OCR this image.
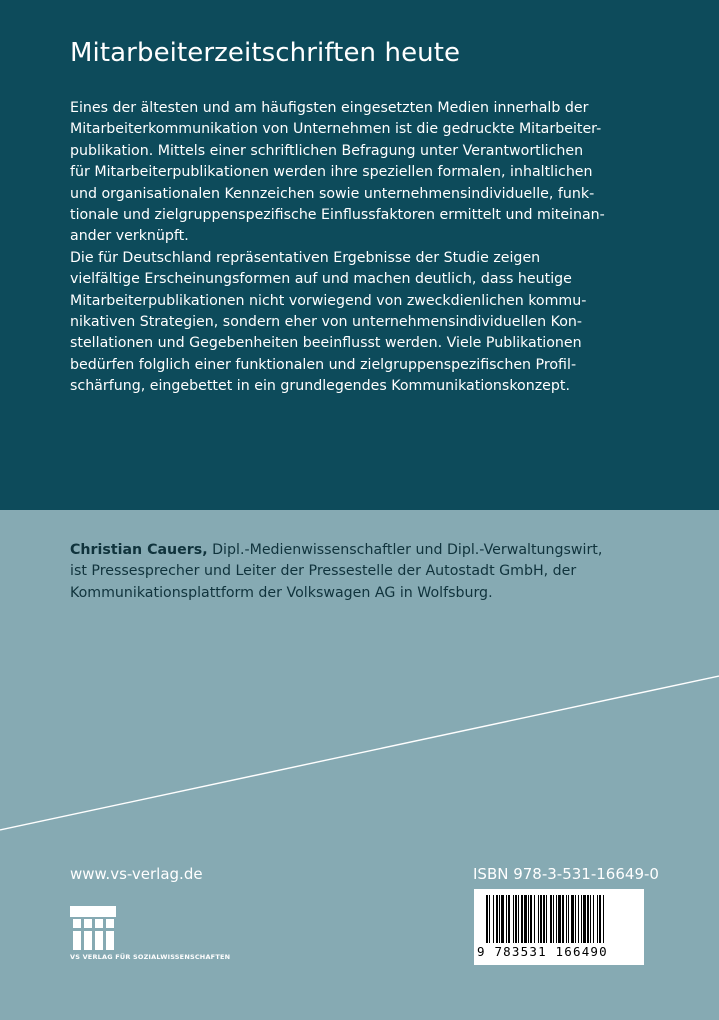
Mitarbeiterzeitschriften heute

Eines der ältesten und am häufigsten eingesetzten Medien innerhalb der

Mitarbeiterkommunikation von Unternehmen ist die gedruckte Mitarbeiter-

publikation. Mittels einer schriftlichen Befragung unter Verantwortlichen

für Mitarbeiterpublikationen werden ihre speziellen formalen, inhaltlichen

und organisationalen Kennzeichen sowie unternehmensindividuelle, funk-

tionale und zielgruppenspezifische Einflussfaktoren ermittelt und miteinan-

ander verknüpft.

Die für Deutschland repräsentativen Ergebnisse der Studie zeigen

vielfältige Erscheinungsformen auf und machen deutlich, dass heutige

Mitarbeiterpublikationen nicht vorwiegend von zweckdienlichen kommu-

nikativen Strategien, sondern eher von unternehmensindividuellen Kon-

stellationen und Gegebenheiten beeinflusst werden. Viele Publikationen

bedürfen folglich einer funktionalen und zielgruppenspezifischen Profil-

schärfung, eingebettet in ein grundlegendes Kommunikationskonzept.

Christian Cauers, Dipl.-Medienwissenschaftler und Dipl.-Verwaltungswirt,

ist Pressesprecher und Leiter der Pressestelle der Autostadt GmbH, der

Kommunikationsplattform der Volkswagen AG in Wolfsburg.

www.vs-verlag.de	ISBN 978-3-531-16649-0
VS VERLAG FÜR SOZIALWISSENSCHAFTEN	9 783531 166490
